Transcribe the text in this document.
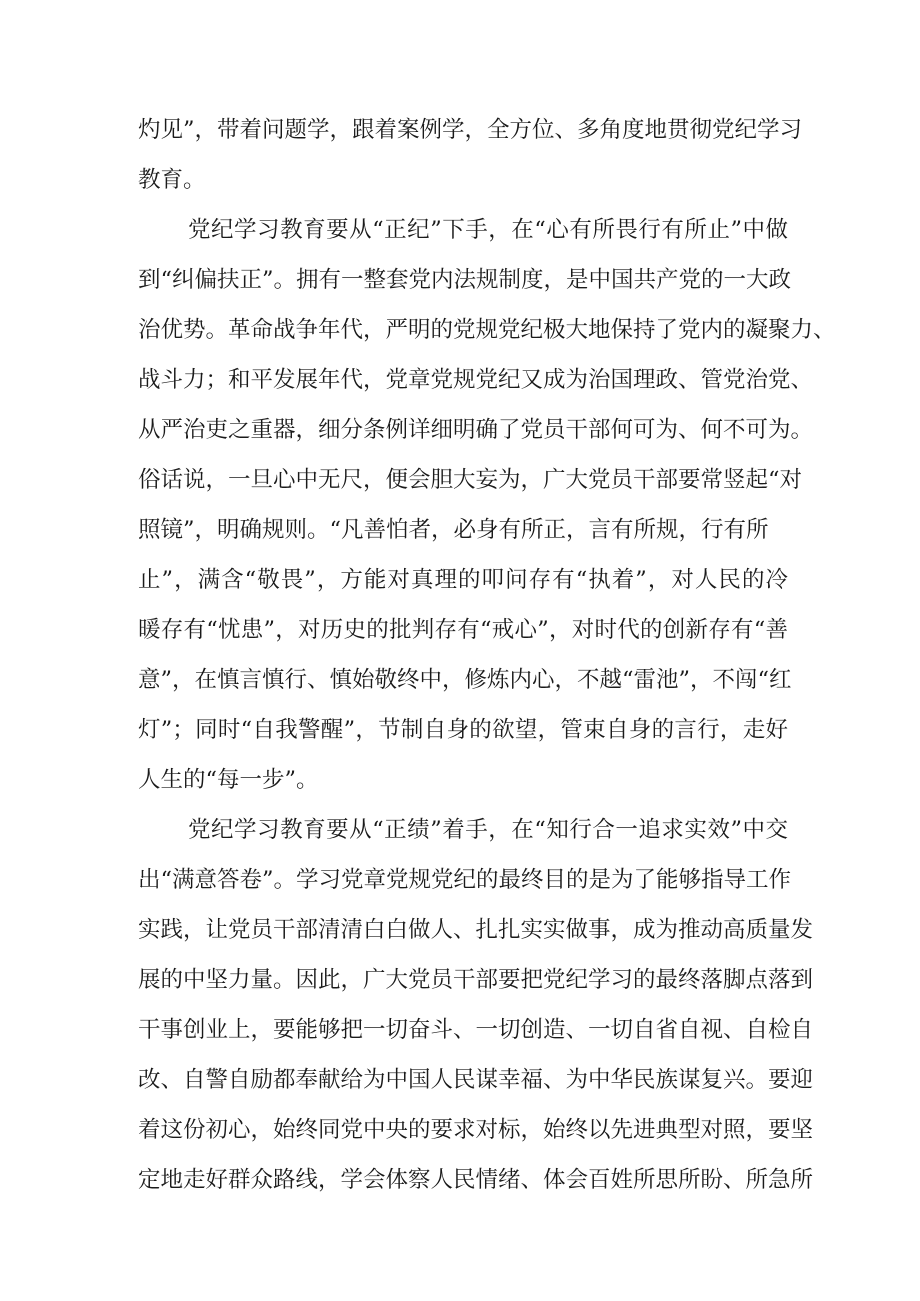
灼见”，带着问题学，跟着案例学，全方位、多角度地贯彻党纪学习
教育。
党纪学习教育要从“正纪”下手，在“心有所畏行有所止”中做
到“纠偏扶正”。拥有一整套党内法规制度，是中国共产党的一大政
治优势。革命战争年代，严明的党规党纪极大地保持了党内的凝聚力、
战斗力；和平发展年代，党章党规党纪又成为治国理政、管党治党、
从严治吏之重器，细分条例详细明确了党员干部何可为、何不可为。
俗话说，一旦心中无尺，便会胆大妄为，广大党员干部要常竖起“对
照镜”，明确规则。“凡善怕者，必身有所正，言有所规，行有所
止”，满含“敬畏”，方能对真理的叩问存有“执着”，对人民的冷
暖存有“忧患”，对历史的批判存有“戒心”，对时代的创新存有“善
意”，在慎言慎行、慎始敬终中，修炼内心，不越“雷池”，不闯“红
灯”；同时“自我警醒”，节制自身的欲望，管束自身的言行，走好
人生的“每一步”。
党纪学习教育要从“正绩”着手，在“知行合一追求实效”中交
出“满意答卷”。学习党章党规党纪的最终目的是为了能够指导工作
实践，让党员干部清清白白做人、扎扎实实做事，成为推动高质量发
展的中坚力量。因此，广大党员干部要把党纪学习的最终落脚点落到
干事创业上，要能够把一切奋斗、一切创造、一切自省自视、自检自
改、自警自励都奉献给为中国人民谋幸福、为中华民族谋复兴。要迎
着这份初心，始终同党中央的要求对标，始终以先进典型对照，要坚
定地走好群众路线，学会体察人民情绪、体会百姓所思所盼、所急所
